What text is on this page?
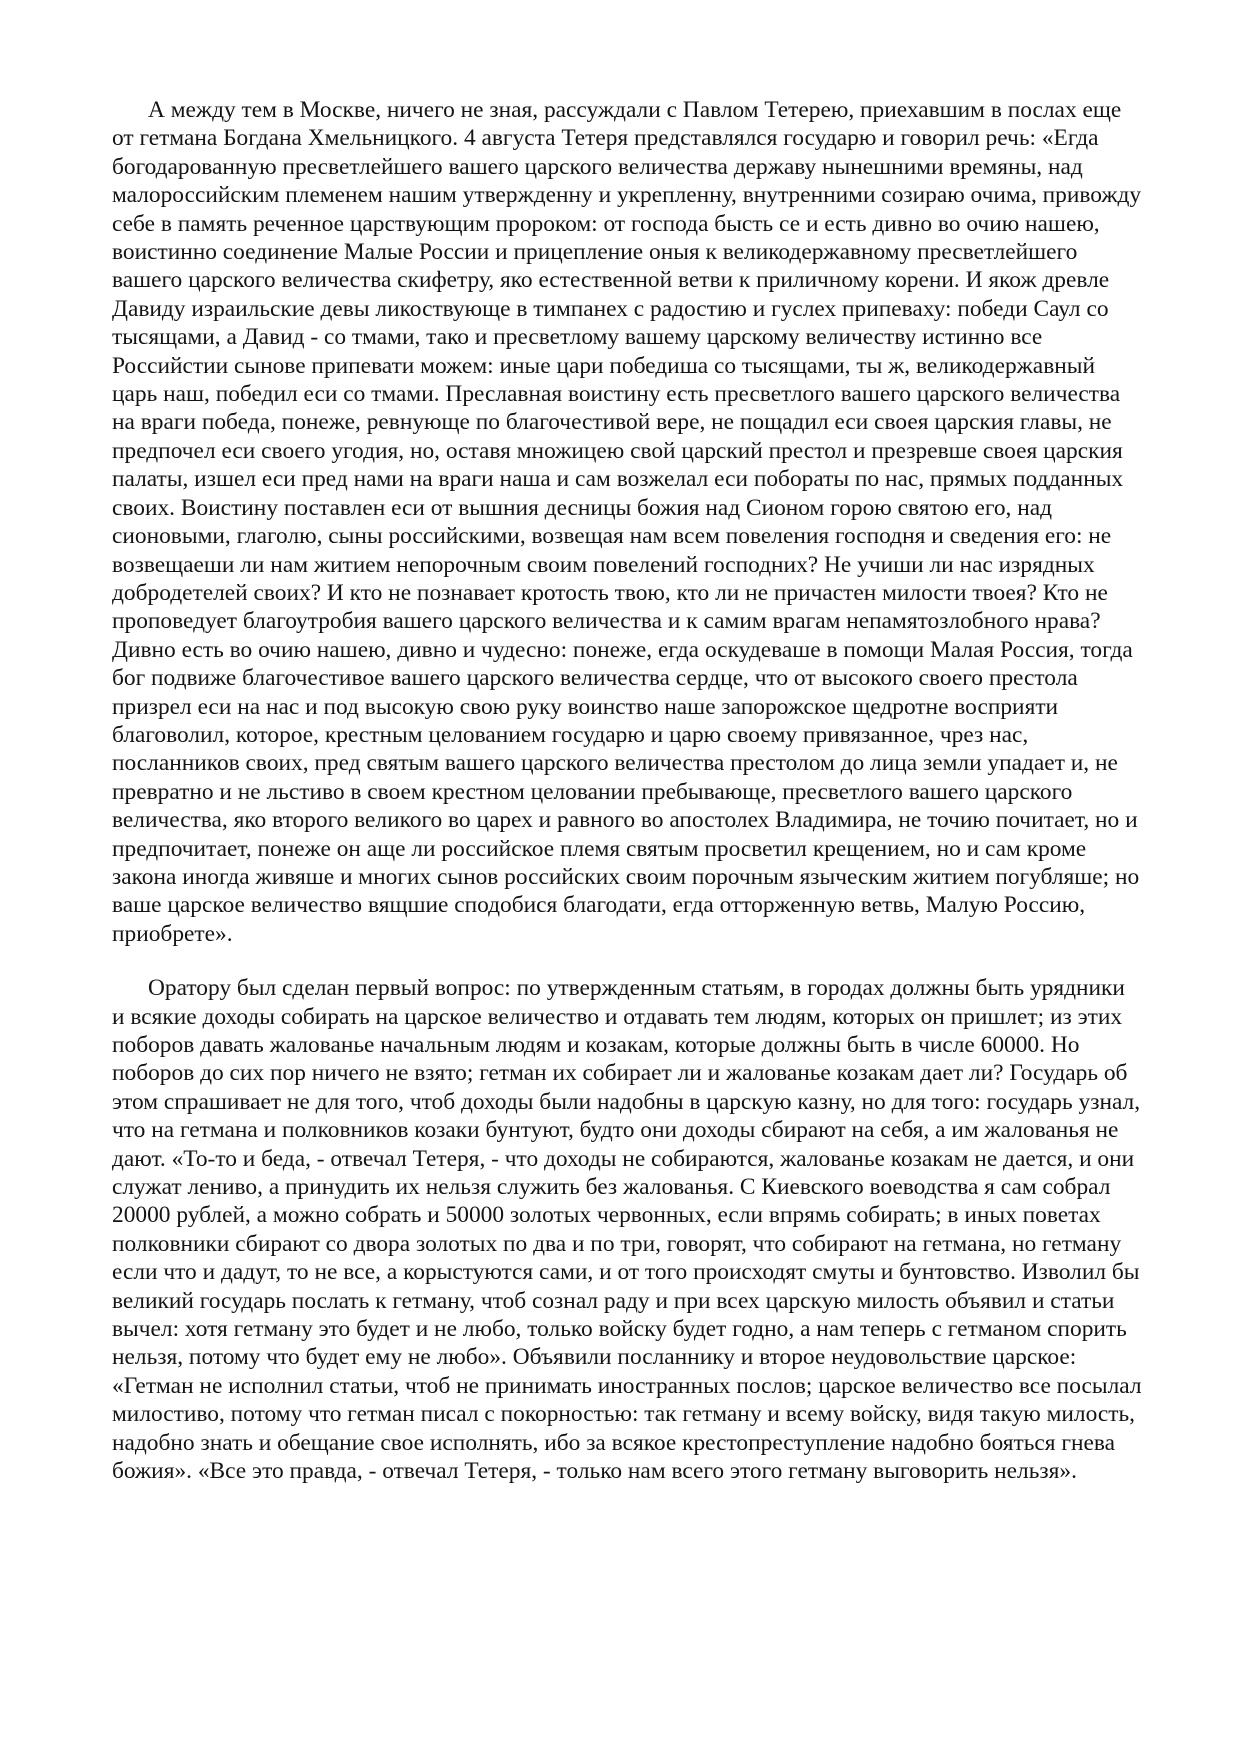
А между тем в Москве, ничего не зная, рассуждали с Павлом Тетерею, приехавшим в послах еще от гетмана Богдана Хмельницкого. 4 августа Тетеря представлялся государю и говорил речь: «Егда богодарованную пресветлейшего вашего царского величества державу нынешними времяны, над малороссийским племенем нашим утвержденну и укрепленну, внутренними созираю очима, привожду себе в память реченное царствующим пророком: от господа бысть се и есть дивно во очию нашею, воистинно соединение Малые России и прицепление оныя к великодержавному пресветлейшего вашего царского величества скифетру, яко естественной ветви к приличному корени. И якож древле Давиду израильские девы ликоствующе в тимпанех с радостию и гуслех припеваху: победи Саул со тысящами, а Давид - со тмами, тако и пресветлому вашему царскому величеству истинно все Российстии сынове припевати можем: иные цари победиша со тысящами, ты ж, великодержавный царь наш, победил еси со тмами. Преславная воистину есть пресветлого вашего царского величества на враги победа, понеже, ревнующе по благочестивой вере, не пощадил еси своея царския главы, не предпочел еси своего угодия, но, оставя множицею свой царский престол и презревше своея царския палаты, изшел еси пред нами на враги наша и сам возжелал еси побораты по нас, прямых подданных своих. Воистину поставлен еси от вышния десницы божия над Сионом горою святою его, над сионовыми, глаголю, сыны российскими, возвещая нам всем повеления господня и сведения его: не возвещаеши ли нам житием непорочным своим повелений господних? Не учиши ли нас изрядных добродетелей своих? И кто не познавает кротость твою, кто ли не причастен милости твоея? Кто не проповедует благоутробия вашего царского величества и к самим врагам непамятозлобного нрава? Дивно есть во очию нашею, дивно и чудесно: понеже, егда оскудеваше в помощи Малая Россия, тогда бог подвиже благочестивое вашего царского величества сердце, что от высокого своего престола призрел еси на нас и под высокую свою руку воинство наше запорожское щедротне восприяти благоволил, которое, крестным целованием государю и царю своему привязанное, чрез нас, посланников своих, пред святым вашего царского величества престолом до лица земли упадает и, не превратно и не льстиво в своем крестном целовании пребывающе, пресветлого вашего царского величества, яко второго великого во царех и равного во апостолех Владимира, не точию почитает, но и предпочитает, понеже он аще ли российское племя святым просветил крещением, но и сам кроме закона иногда живяше и многих сынов российских своим порочным языческим житием погубляше; но ваше царское величество вящшие сподобися благодати, егда отторженную ветвь, Малую Россию, приобрете».

Оратору был сделан первый вопрос: по утвержденным статьям, в городах должны быть урядники и всякие доходы собирать на царское величество и отдавать тем людям, которых он пришлет; из этих поборов давать жалованье начальным людям и козакам, которые должны быть в числе 60000. Но поборов до сих пор ничего не взято; гетман их собирает ли и жалованье козакам дает ли? Государь об этом спрашивает не для того, чтоб доходы были надобны в царскую казну, но для того: государь узнал, что на гетмана и полковников козаки бунтуют, будто они доходы сбирают на себя, а им жалованья не дают. «То-то и беда, - отвечал Тетеря, - что доходы не собираются, жалованье козакам не дается, и они служат лениво, а принудить их нельзя служить без жалованья. С Киевского воеводства я сам собрал 20000 рублей, а можно собрать и 50000 золотых червонных, если впрямь собирать; в иных поветах полковники сбирают со двора золотых по два и по три, говорят, что собирают на гетмана, но гетману если что и дадут, то не все, а корыстуются сами, и от того происходят смуты и бунтовство. Изволил бы великий государь послать к гетману, чтоб сознал раду и при всех царскую милость объявил и статьи вычел: хотя гетману это будет и не любо, только войску будет годно, а нам теперь с гетманом спорить нельзя, потому что будет ему не любо». Объявили посланнику и второе неудовольствие царское: «Гетман не исполнил статьи, чтоб не принимать иностранных послов; царское величество все посылал милостиво, потому что гетман писал с покорностью: так гетману и всему войску, видя такую милость, надобно знать и обещание свое исполнять, ибо за всякое крестопреступление надобно бояться гнева божия». «Все это правда, - отвечал Тетеря, - только нам всего этого гетману выговорить нельзя».
